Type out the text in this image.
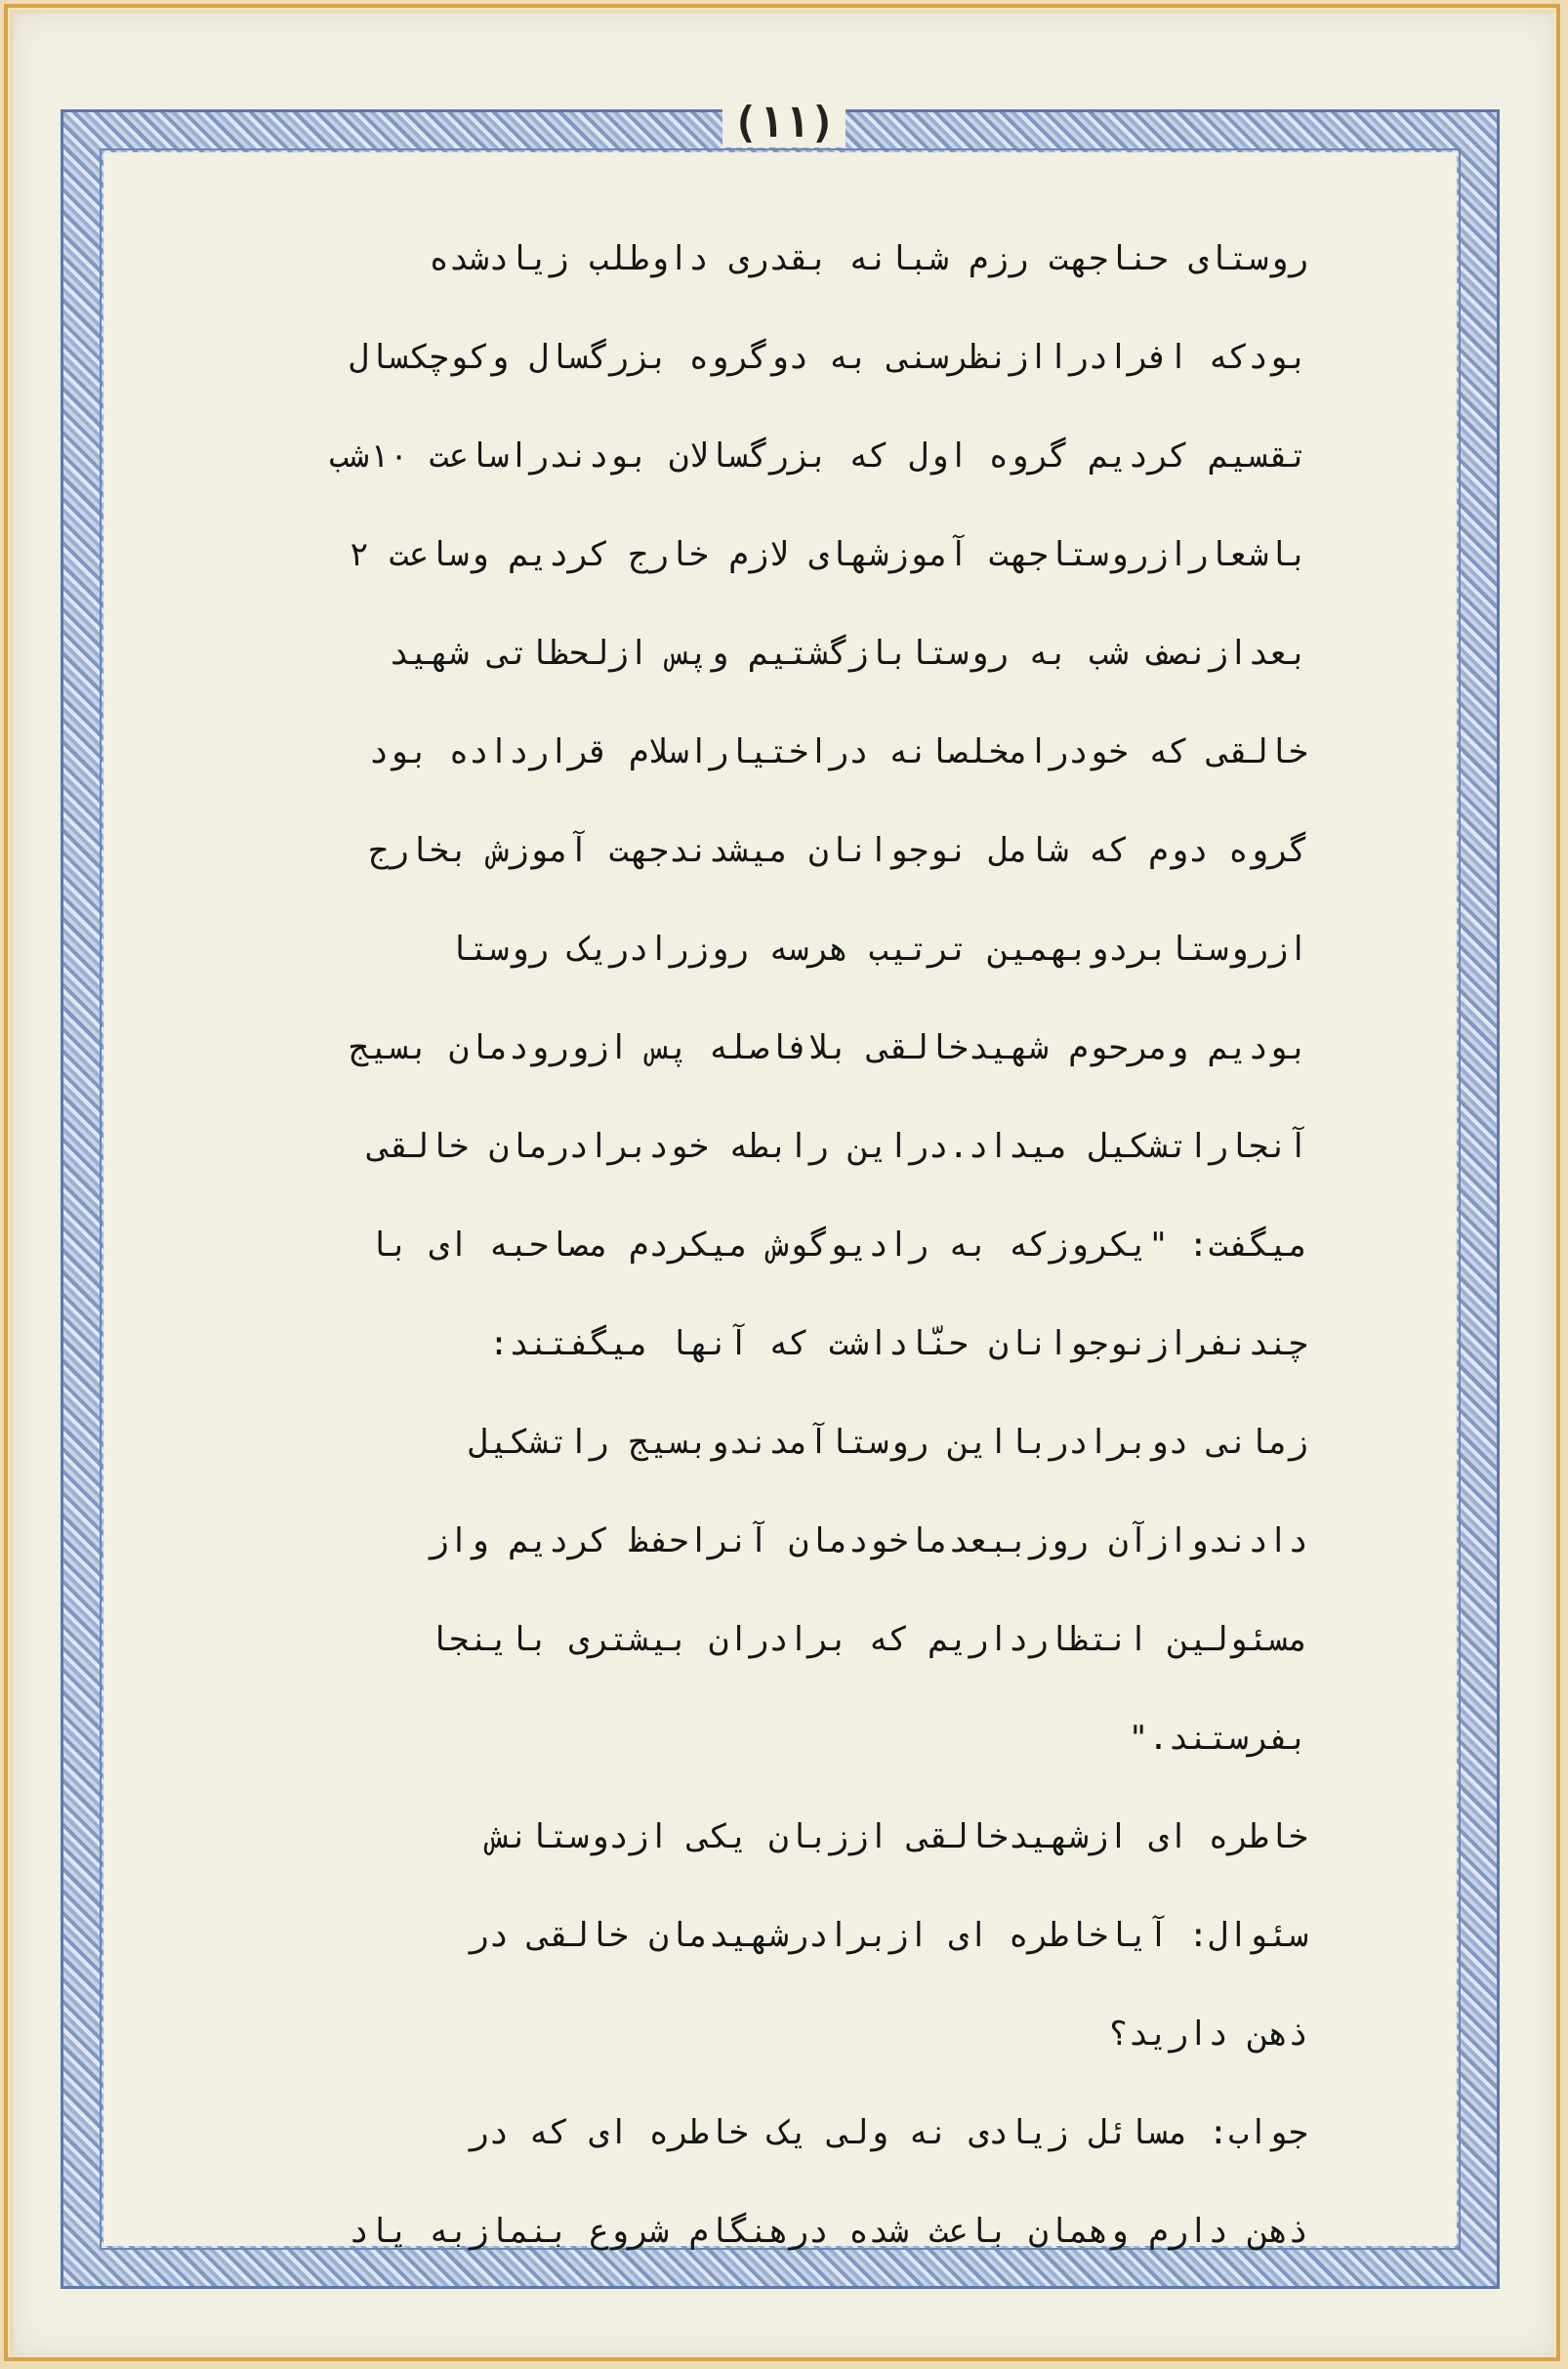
(۱۱)
روستای حناجهت رزم شبانه بقدری داوطلب زیادشده
بودکه افرادراازنظرسنی به دوگروه بزرگسال وکوچکسال
تقسیم کردیم گروه اول که بزرگسالان بودندراساعت ۱۰شب
باشعارازروستاجهت آموزشهای لازم خارج کردیم وساعت ۲
بعدازنصف شب به روستابازگشتیم وپس ازلحظاتی شهید
خالقی که خودرامخلصانه دراختیاراسلام قرارداده بود
گروه دوم که شامل نوجوانان میشدندجهت آموزش بخارج
ازروستابردوبهمین ترتیب هرسه روزرادریک روستا
بودیم ومرحوم شهیدخالقی بلافاصله پس ازورودمان بسیج
آنجاراتشکیل میداد.دراین رابطه خودبرادرمان خالقی
میگفت: "یکروزکه به رادیوگوش میکردم مصاحبه ای با
چندنفرازنوجوانان حنّاداشت که آنها میگفتند:
زمانی دوبرادربااین روستاآمدندوبسیج راتشکیل
دادندوازآن روزببعدماخودمان آنراحفظ کردیم واز
مسئولین انتظارداریم که برادران بیشتری باینجا
بفرستند."
خاطره ای ازشهیدخالقی اززبان یکی ازدوستانش
سئوال: آیاخاطره ای ازبرادرشهیدمان خالقی در
ذهن دارید؟
جواب: مسائل زیادی نه ولی یک خاطره ای که در
ذهن دارم وهمان باعث شده درهنگام شروع بنمازبه یاد
